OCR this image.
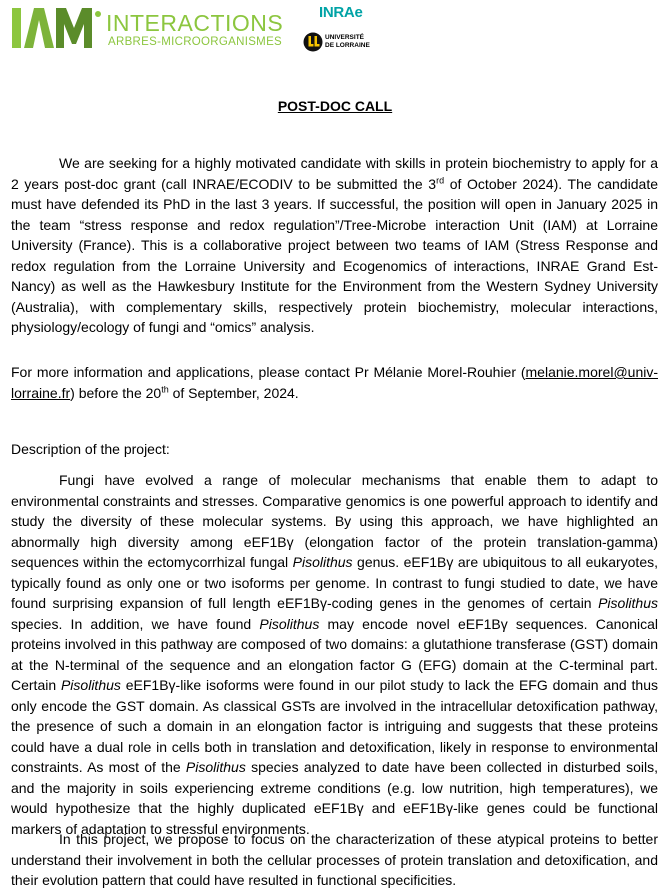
INTERACTIONS
ARBRES-MICROORGANISMES
INRAe
UNIVERSITÉ
DE LORRAINE
POST-DOC CALL
We are seeking for a highly motivated candidate with skills in protein biochemistry to apply for a 2 years post-doc grant (call INRAE/ECODIV to be submitted the 3rd of October 2024). The candidate must have defended its PhD in the last 3 years. If successful, the position will open in January 2025 in the team “stress response and redox regulation”/Tree-Microbe interaction Unit (IAM) at Lorraine University (France). This is a collaborative project between two teams of IAM (Stress Response and redox regulation from the Lorraine University and Ecogenomics of interactions, INRAE Grand Est-Nancy) as well as the Hawkesbury Institute for the Environment from the Western Sydney University (Australia), with complementary skills, respectively protein biochemistry, molecular interactions, physiology/ecology of fungi and “omics” analysis.
For more information and applications, please contact Pr Mélanie Morel-Rouhier (melanie.morel@univ-lorraine.fr) before the 20th of September, 2024.
Description of the project:
Fungi have evolved a range of molecular mechanisms that enable them to adapt to environmental constraints and stresses. Comparative genomics is one powerful approach to identify and study the diversity of these molecular systems. By using this approach, we have highlighted an abnormally high diversity among eEF1Bγ (elongation factor of the protein translation-gamma) sequences within the ectomycorrhizal fungal Pisolithus genus. eEF1Bγ are ubiquitous to all eukaryotes, typically found as only one or two isoforms per genome. In contrast to fungi studied to date, we have found surprising expansion of full length eEF1Bγ-coding genes in the genomes of certain Pisolithus species. In addition, we have found Pisolithus may encode novel eEF1Bγ sequences. Canonical proteins involved in this pathway are composed of two domains: a glutathione transferase (GST) domain at the N-terminal of the sequence and an elongation factor G (EFG) domain at the C-terminal part. Certain Pisolithus eEF1Bγ-like isoforms were found in our pilot study to lack the EFG domain and thus only encode the GST domain. As classical GSTs are involved in the intracellular detoxification pathway, the presence of such a domain in an elongation factor is intriguing and suggests that these proteins could have a dual role in cells both in translation and detoxification, likely in response to environmental constraints. As most of the Pisolithus species analyzed to date have been collected in disturbed soils, and the majority in soils experiencing extreme conditions (e.g. low nutrition, high temperatures), we would hypothesize that the highly duplicated eEF1Bγ and eEF1Bγ-like genes could be functional markers of adaptation to stressful environments.
In this project, we propose to focus on the characterization of these atypical proteins to better understand their involvement in both the cellular processes of protein translation and detoxification, and their evolution pattern that could have resulted in functional specificities.
